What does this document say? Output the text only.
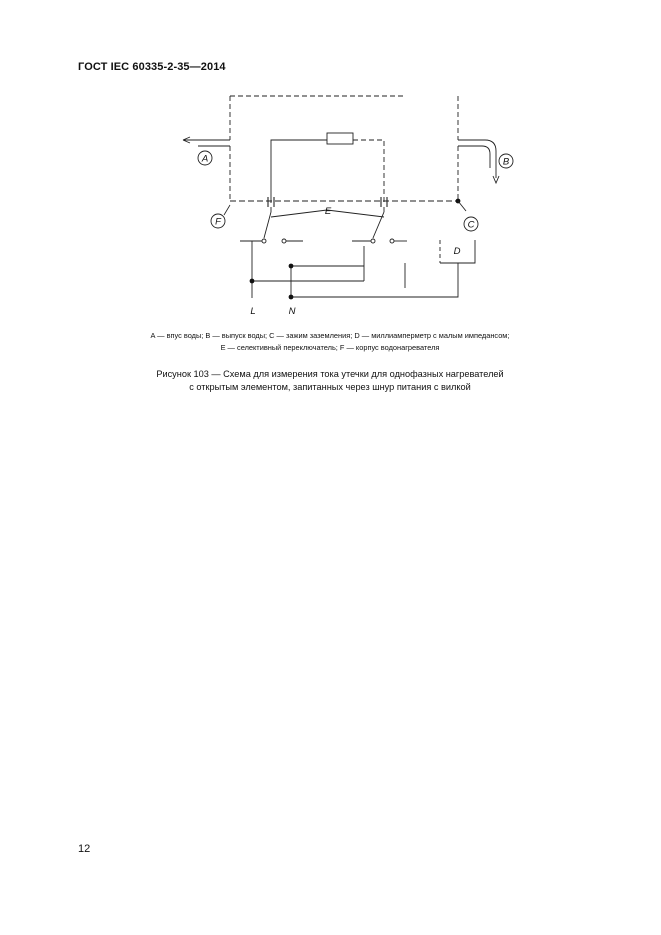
ГОСТ IEC 60335-2-35—2014
A	B
C
F
E
D
L	N
A — впус воды; B — выпуск воды; C — зажим заземления; D — миллиамперметр с малым импедансом;
E — селективный переключатель; F — корпус водонагревателя
Рисунок 103 — Схема для измерения тока утечки для однофазных нагревателей
с открытым элементом, запитанных через шнур питания с вилкой
12
